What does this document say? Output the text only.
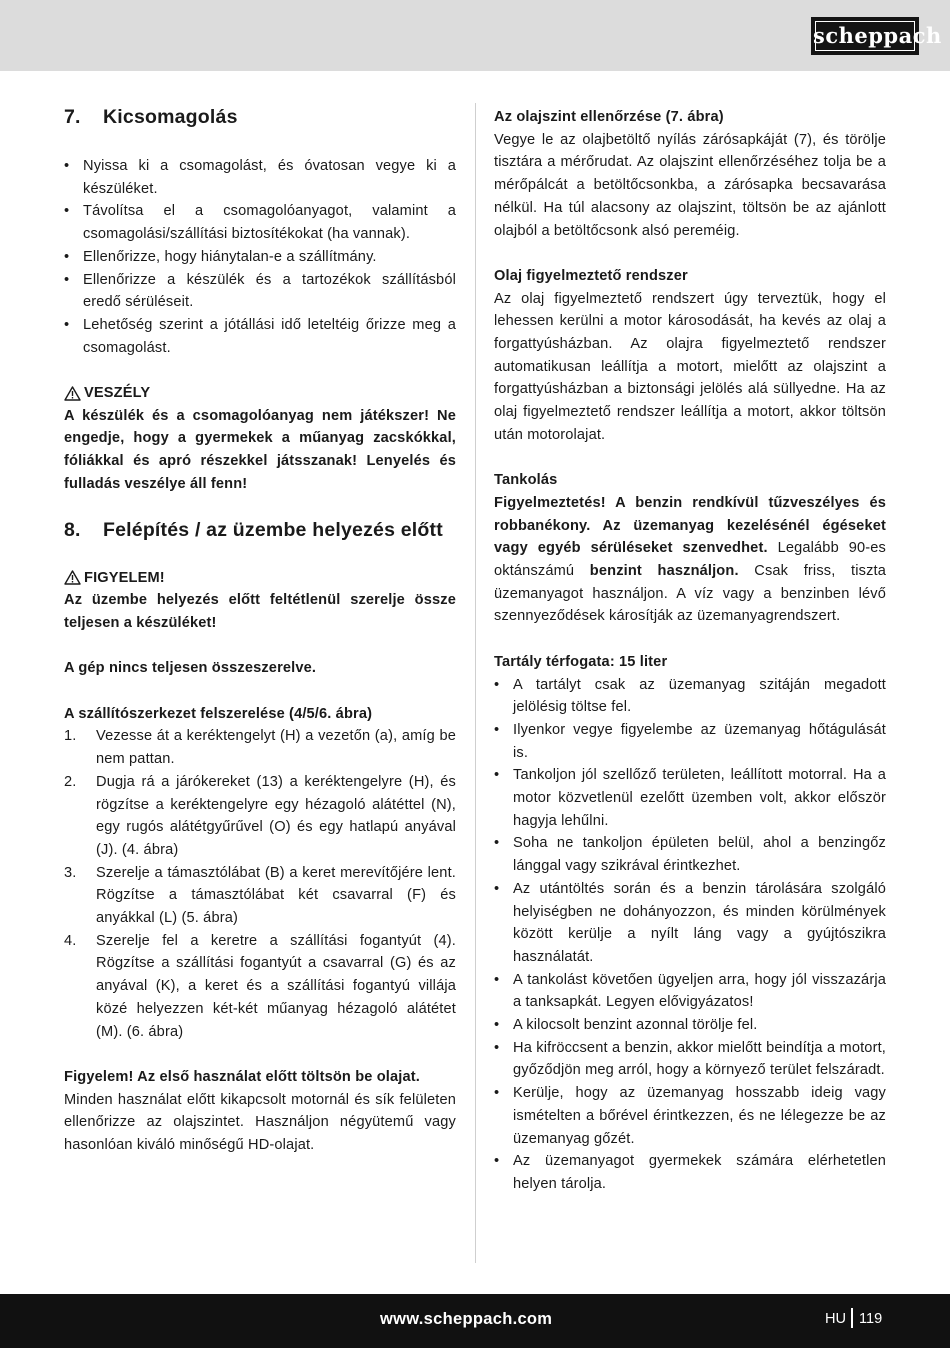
scheppach
7.	Kicsomagolás
• Nyissa ki a csomagolást, és óvatosan vegye ki a készüléket.
• Távolítsa el a csomagolóanyagot, valamint a csomagolási/szállítási biztosítékokat (ha vannak).
• Ellenőrizze, hogy hiánytalan-e a szállítmány.
• Ellenőrizze a készülék és a tartozékok szállításból eredő sérüléseit.
• Lehetőség szerint a jótállási idő leteltéig őrizze meg a csomagolást.
VESZÉLY

A készülék és a csomagolóanyag nem játékszer! Ne engedje, hogy a gyermekek a műanyag zacskókkal, fóliákkal és apró részekkel játsszanak! Lenyelés és fulladás veszélye áll fenn!

8.	Felépítés / az üzembe helyezés előtt
FIGYELEM!

Az üzembe helyezés előtt feltétlenül szerelje össze teljesen a készüléket!

A gép nincs teljesen összeszerelve.

A szállítószerkezet felszerelése (4/5/6. ábra)

1. Vezesse át a keréktengelyt (H) a vezetőn (a), amíg be nem pattan.
2. Dugja rá a járókereket (13) a keréktengelyre (H), és rögzítse a keréktengelyre egy hézagoló alátéttel (N), egy rugós alátétgyűrűvel (O) és egy hatlapú anyával (J). (4. ábra)
3. Szerelje a támasztólábat (B) a keret merevítőjére lent. Rögzítse a támasztólábat két csavarral (F) és anyákkal (L) (5. ábra)
4. Szerelje fel a keretre a szállítási fogantyút (4). Rögzítse a szállítási fogantyút a csavarral (G) és az anyával (K), a keret és a szállítási fogantyú villája közé helyezzen két-két műanyag hézagoló alátétet (M). (6. ábra)

Figyelem! Az első használat előtt töltsön be olajat.

Minden használat előtt kikapcsolt motornál és sík felületen ellenőrizze az olajszintet. Használjon négyütemű vagy hasonlóan kiváló minőségű HD-olajat.

Az olajszint ellenőrzése (7. ábra)

Vegye le az olajbetöltő nyílás zárósapkáját (7), és törölje tisztára a mérőrudat. Az olajszint ellenőrzéséhez tolja be a mérőpálcát a betöltőcsonkba, a zárósapka becsavarása nélkül. Ha túl alacsony az olajszint, töltsön be az ajánlott olajból a betöltőcsonk alsó pereméig.

Olaj figyelmeztető rendszer

Az olaj figyelmeztető rendszert úgy terveztük, hogy el lehessen kerülni a motor károsodását, ha kevés az olaj a forgattyúsházban. Az olajra figyelmeztető rendszer automatikusan leállítja a motort, mielőtt az olajszint a forgattyúsházban a biztonsági jelölés alá süllyedne. Ha az olaj figyelmeztető rendszer leállítja a motort, akkor töltsön után motorolajat.

Tankolás

Figyelmeztetés! A benzin rendkívül tűzveszélyes és robbanékony. Az üzemanyag kezelésénél égéseket vagy egyéb sérüléseket szenvedhet. Legalább 90-es oktánszámú benzint használjon. Csak friss, tiszta üzemanyagot használjon. A víz vagy a benzinben lévő szennyeződések károsítják az üzemanyagrendszert.

Tartály térfogata: 15 liter

• A tartályt csak az üzemanyag szitáján megadott jelölésig töltse fel.
• Ilyenkor vegye figyelembe az üzemanyag hőtágulását is.
• Tankoljon jól szellőző területen, leállított motorral. Ha a motor közvetlenül ezelőtt üzemben volt, akkor először hagyja lehűlni.
• Soha ne tankoljon épületen belül, ahol a benzingőz lánggal vagy szikrával érintkezhet.
• Az utántöltés során és a benzin tárolására szolgáló helyiségben ne dohányozzon, és minden körülmények között kerülje a nyílt láng vagy a gyújtószikra használatát.
• A tankolást követően ügyeljen arra, hogy jól visszazárja a tanksapkát. Legyen elővigyázatos!
• A kilocsolt benzint azonnal törölje fel.
• Ha kifröccsent a benzin, akkor mielőtt beindítja a motort, győződjön meg arról, hogy a környező terület felszáradt.
• Kerülje, hogy az üzemanyag hosszabb ideig vagy ismételten a bőrével érintkezzen, és ne lélegezze be az üzemanyag gőzét.
• Az üzemanyagot gyermekek számára elérhetetlen helyen tárolja.
www.scheppach.com	HU 119
